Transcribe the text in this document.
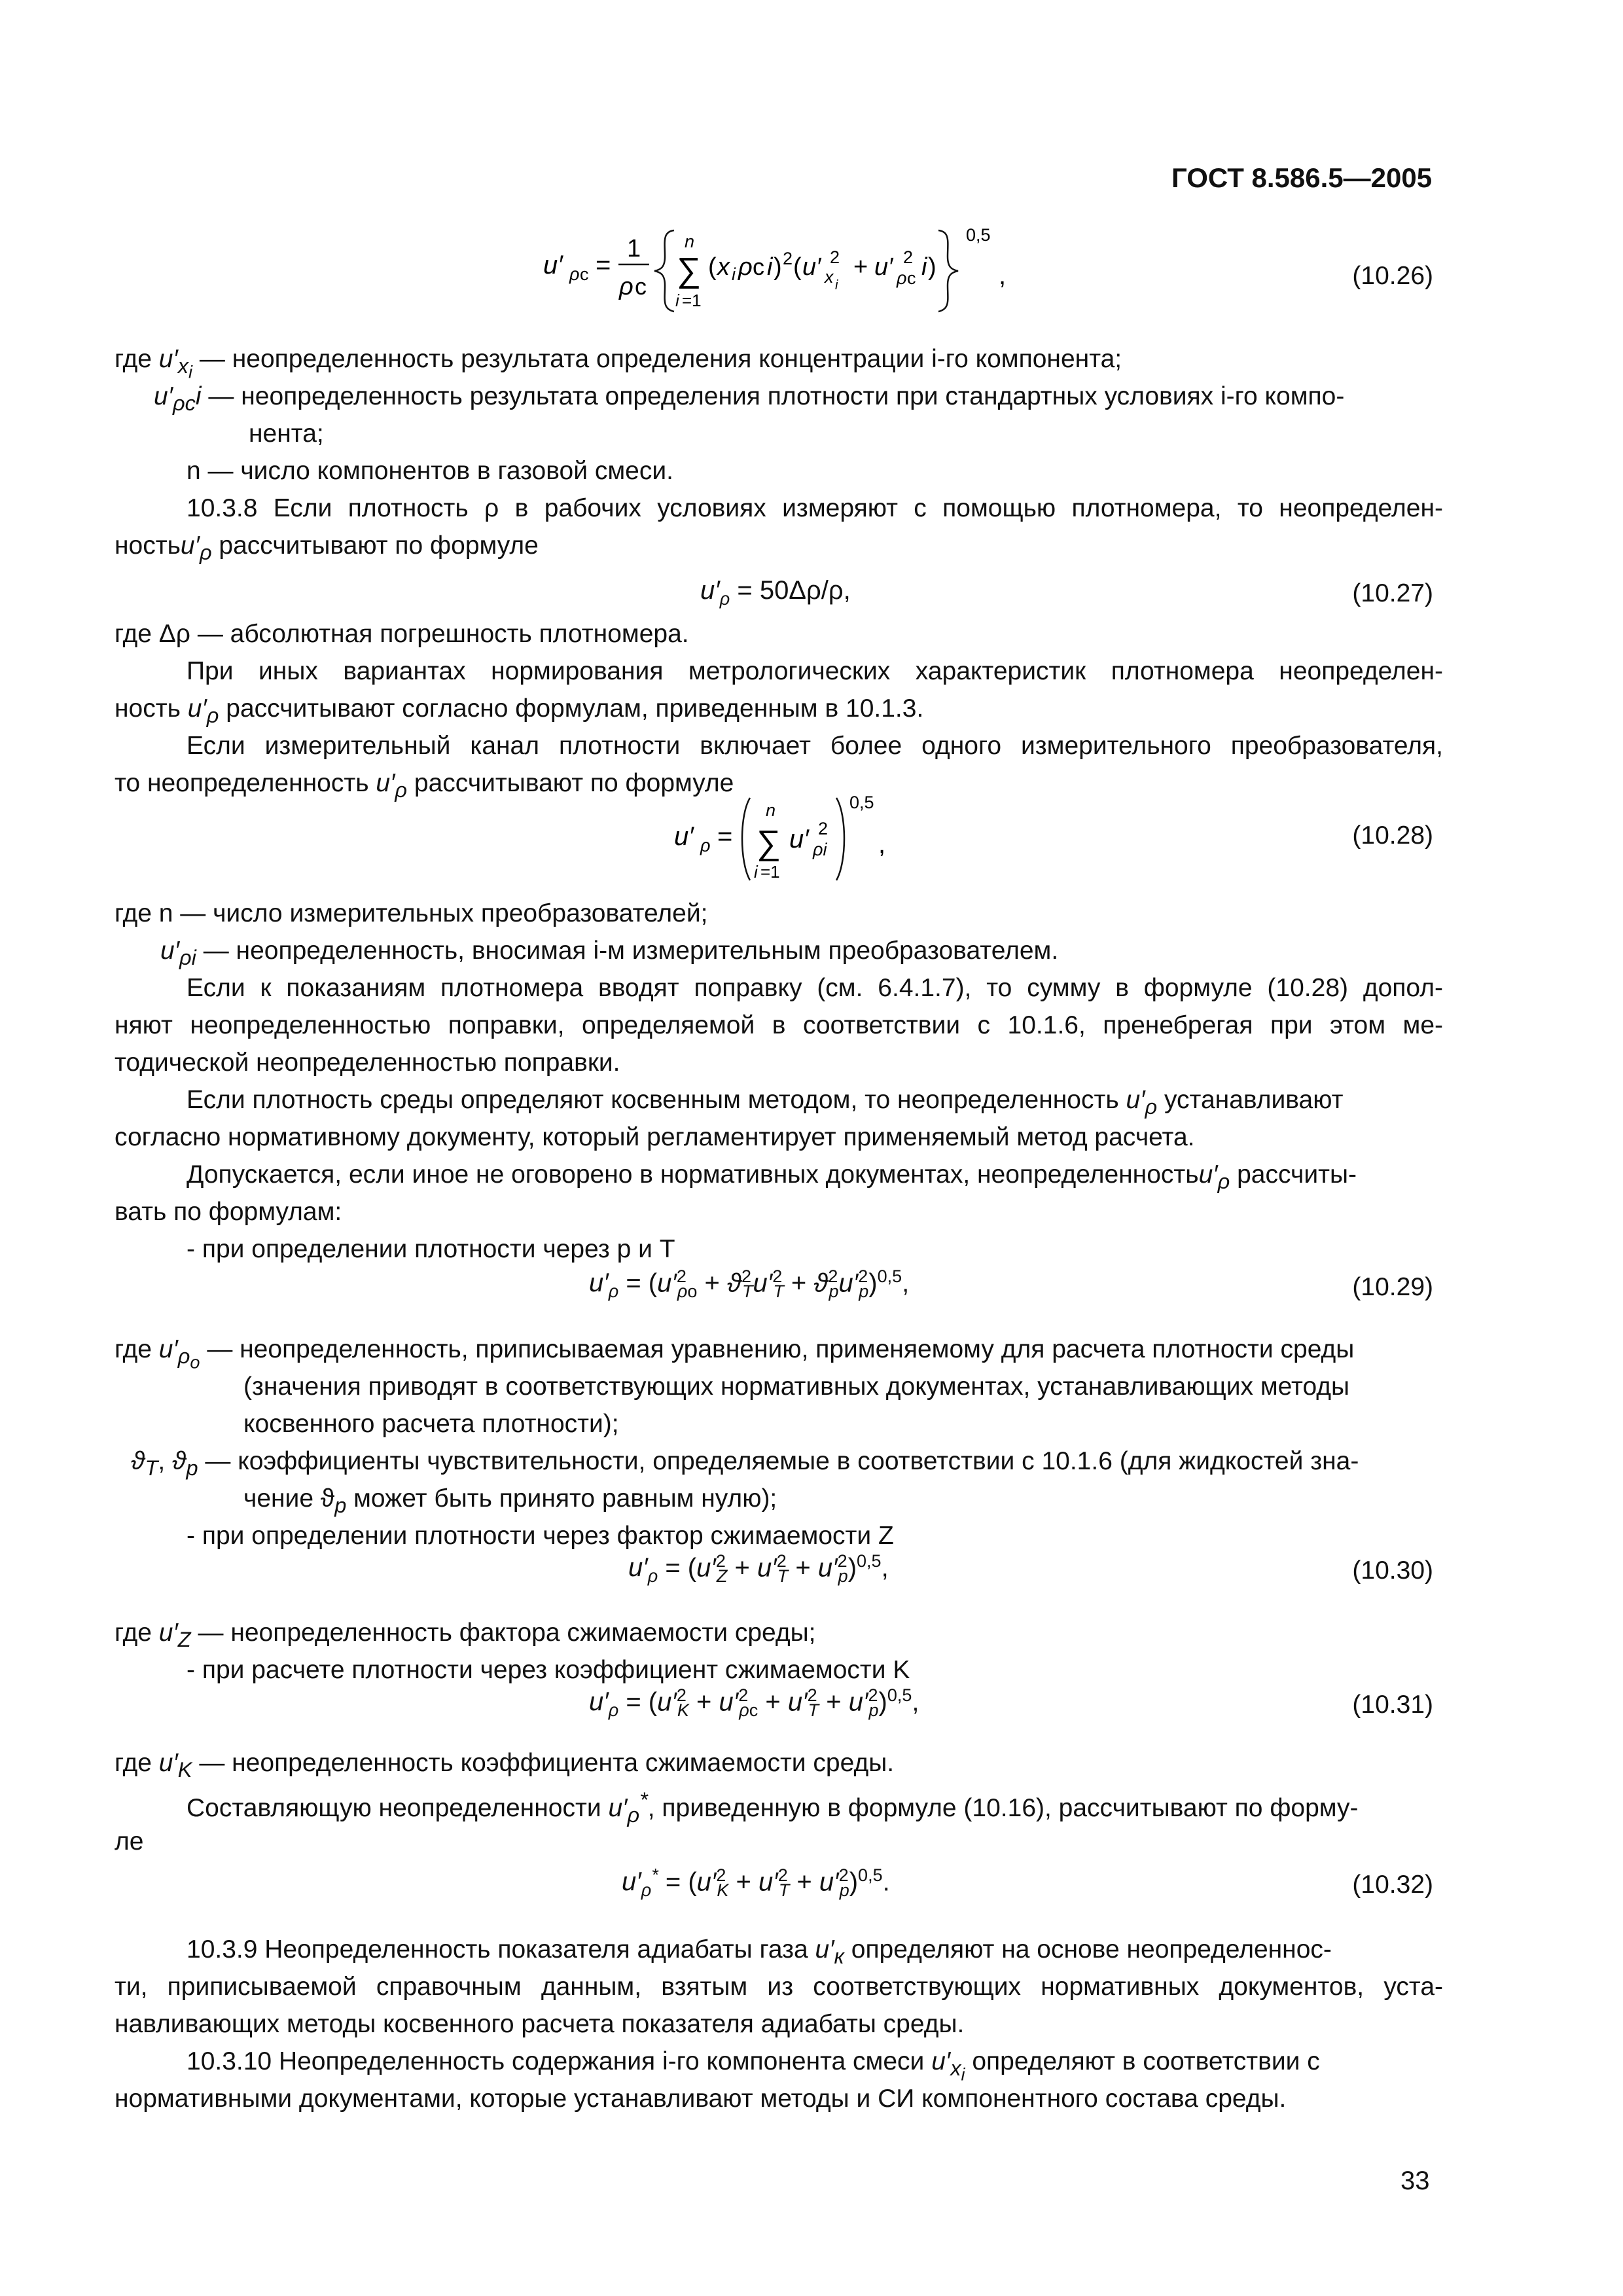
ГОСТ 8.586.5—2005
u′ ρ c =
1
ρ c
n
∑
i =1
( x i ρ c i ) 2 ( u′ 2
x i
+ u′ 2
ρ c i )
0,5
,	(10.26)
где $u'_{x_i}$ — неопределенность результата определения концентрации i-го компонента;
$u'_{\rho c}i$ — неопределенность результата определения плотности при стандартных условиях i-го компо-
нента;
n — число компонентов в газовой смеси.
10.3.8 Если плотность ρ в рабочих условиях измеряют с помощью плотномера, то неопределен-
$ностьu'_\rho$ рассчитывают по формуле
$u'_\rho = 50\Delta\rho/\rho$,	(10.27)
где Δρ — абсолютная погрешность плотномера.
При иных вариантах нормирования метрологических характеристик плотномера неопределен-
ность $u'_\rho$ рассчитывают согласно формулам, приведенным в 10.1.3.
Если измерительный канал плотности включает более одного измерительного преобразователя,
то неопределенность $u'_\rho$ рассчитывают по формуле
u′ ρ =
n
∑
i =1
u′ 2
ρi
0,5
,	(10.28)
где n — число измерительных преобразователей;
$u'_{\rho i}$ — неопределенность, вносимая i-м измерительным преобразователем.
Если к показаниям плотномера вводят поправку (см. 6.4.1.7), то сумму в формуле (10.28) допол-
няют неопределенностью поправки, определяемой в соответствии с 10.1.6, пренебрегая при этом ме-
тодической неопределенностью поправки.
Если плотность среды определяют косвенным методом, то неопределенность $u'_\rho$ устанавливают
согласно нормативному документу, который регламентирует применяемый метод расчета.
Допускается, если иное не оговорено в нормативных документах, $неопределенностьu'_\rho$ рассчиты-
вать по формулам:
- при определении плотности через p и T
$u'_\rho = (u'^2_{\rho o} + ϑ^2_Tu'^2_T + ϑ^2_pu'^2_p)^{0,5}$,	(10.29)
где $u'_{\rho_o}$ — неопределенность, приписываемая уравнению, применяемому для расчета плотности среды
(значения приводят в соответствующих нормативных документах, устанавливающих методы
косвенного расчета плотности);
$ϑ_T$, $ϑ_p$ — коэффициенты чувствительности, определяемые в соответствии с 10.1.6 (для жидкостей зна-
чение $ϑ_p$ может быть принято равным нулю);
- при определении плотности через фактор сжимаемости Z
$u'_\rho = (u'^2_Z + u'^2_T + u'^2_p)^{0,5}$,	(10.30)
где $u'_Z$ — неопределенность фактора сжимаемости среды;
- при расчете плотности через коэффициент сжимаемости K
$u'_\rho = (u'^2_K + u'^2_{\rho c} + u'^2_T + u'^2_p)^{0,5}$,	(10.31)
где $u'_K$ — неопределенность коэффициента сжимаемости среды.
Составляющую неопределенности $u'_\rho^*$, приведенную в формуле (10.16), рассчитывают по форму-
ле
$u'_\rho^* = (u'^2_K + u'^2_T + u'^2_p)^{0,5}$.	(10.32)
10.3.9 Неопределенность показателя адиабаты газа $u'_к$ определяют на основе неопределеннос-
ти, приписываемой справочным данным, взятым из соответствующих нормативных документов, уста-
навливающих методы косвенного расчета показателя адиабаты среды.
10.3.10 Неопределенность содержания i-го компонента смеси $u'_{x_i}$ определяют в соответствии с
нормативными документами, которые устанавливают методы и СИ компонентного состава среды.
33
